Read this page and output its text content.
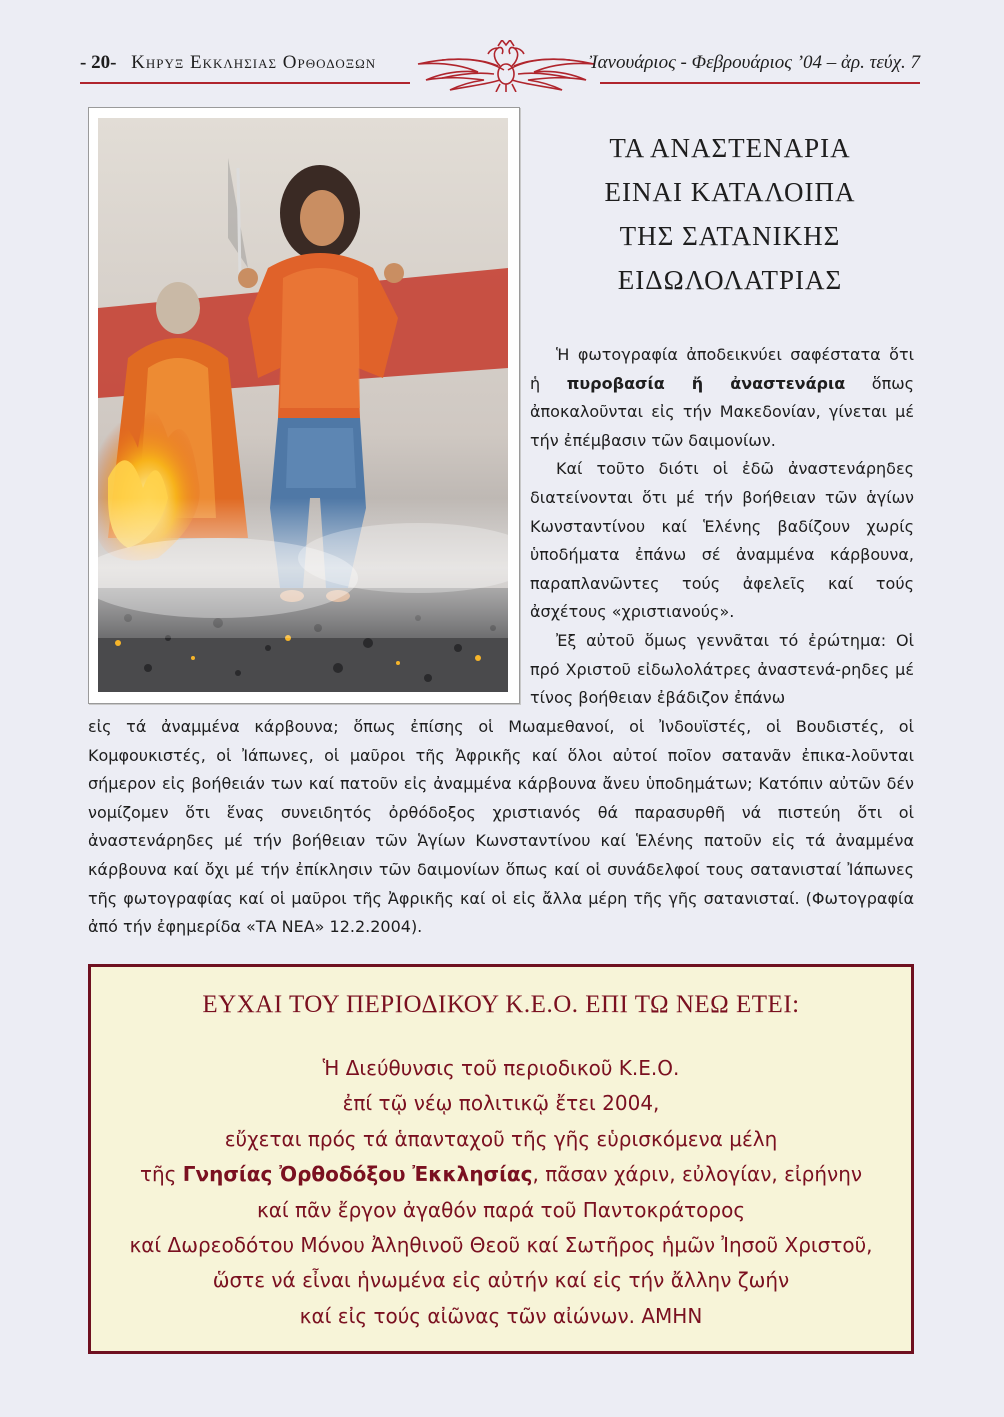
- 20- Κηρυξ Εκκλησιας Ορθοδοξων	Ἰανουάριος - Φεβρουάριος ’04 – ἀρ. τεύχ. 7
ΤΑ ΑΝΑΣΤΕΝΑΡΙΑ
ΕΙΝΑΙ ΚΑΤΑΛΟΙΠΑ
ΤΗΣ ΣΑΤΑΝΙΚΗΣ
ΕΙΔΩΛΟΛΑΤΡΙΑΣ

Ἡ φωτογραφία ἀποδεικνύει σαφέστατα ὅτι ἡ πυροβασία ἤ ἀναστενάρια ὅπως ἀποκαλοῦνται εἰς τήν Μακεδονίαν, γίνεται μέ τήν ἐπέμβασιν τῶν δαιμονίων.

Καί τοῦτο διότι οἱ ἐδῶ ἀναστενάρηδες διατείνονται ὅτι μέ τήν βοήθειαν τῶν ἁγίων Κωνσταντίνου καί Ἑλένης βαδίζουν χωρίς ὑποδήματα ἐπάνω σέ ἀναμμένα κάρβουνα, παραπλανῶντες τούς ἀφελεῖς καί τούς ἀσχέτους «χριστιανούς».

Ἐξ αὐτοῦ ὅμως γεννᾶται τό ἐρώτημα: Οἱ πρό Χριστοῦ εἰδωλολάτρες ἀναστενά-ρηδες μέ τίνος βοήθειαν ἐβάδιζον ἐπάνω

εἰς τά ἀναμμένα κάρβουνα; ὅπως ἐπίσης οἱ Μωαμεθανοί, οἱ Ἰνδουϊστές, οἱ Βουδιστές, οἱ Κομφουκιστές, οἱ Ἰάπωνες, οἱ μαῦροι τῆς Ἀφρικῆς καί ὅλοι αὐτοί ποῖον σατανᾶν ἐπικα-λοῦνται σήμερον εἰς βοήθειάν των καί πατοῦν εἰς ἀναμμένα κάρβουνα ἄνευ ὑποδημάτων; Κατόπιν αὐτῶν δέν νομίζομεν ὅτι ἕνας συνειδητός ὀρθόδοξος χριστιανός θά παρασυρθῆ νά πιστεύη ὅτι οἱ ἀναστενάρηδες μέ τήν βοήθειαν τῶν Ἁγίων Κωνσταντίνου καί Ἑλένης πατοῦν εἰς τά ἀναμμένα κάρβουνα καί ὄχι μέ τήν ἐπίκλησιν τῶν δαιμονίων ὅπως καί οἱ συνάδελφοί τους σατανισταί Ἰάπωνες τῆς φωτογραφίας καί οἱ μαῦροι τῆς Ἀφρικῆς καί οἱ εἰς ἄλλα μέρη τῆς γῆς σατανισταί. (Φωτογραφία ἀπό τήν ἐφημερίδα «ΤΑ ΝΕΑ» 12.2.2004).

ΕΥΧΑΙ ΤΟΥ ΠΕΡΙΟΔΙΚΟΥ Κ.Ε.Ο. ΕΠΙ ΤΩ ΝΕΩ ΕΤΕΙ:
Ἡ Διεύθυνσις τοῦ περιοδικοῦ Κ.Ε.Ο.
ἐπί τῷ νέῳ πολιτικῷ ἔτει 2004,
εὔχεται πρός τά ἁπανταχοῦ τῆς γῆς εὑρισκόμενα μέλη
τῆς Γνησίας Ὀρθοδόξου Ἐκκλησίας, πᾶσαν χάριν, εὐλογίαν, εἰρήνην
καί πᾶν ἔργον ἀγαθόν παρά τοῦ Παντοκράτορος
καί Δωρεοδότου Μόνου Ἀληθινοῦ Θεοῦ καί Σωτῆρος ἡμῶν Ἰησοῦ Χριστοῦ,
ὥστε νά εἶναι ἡνωμένα εἰς αὐτήν καί εἰς τήν ἄλλην ζωήν
καί εἰς τούς αἰῶνας τῶν αἰώνων. ΑΜΗΝ
